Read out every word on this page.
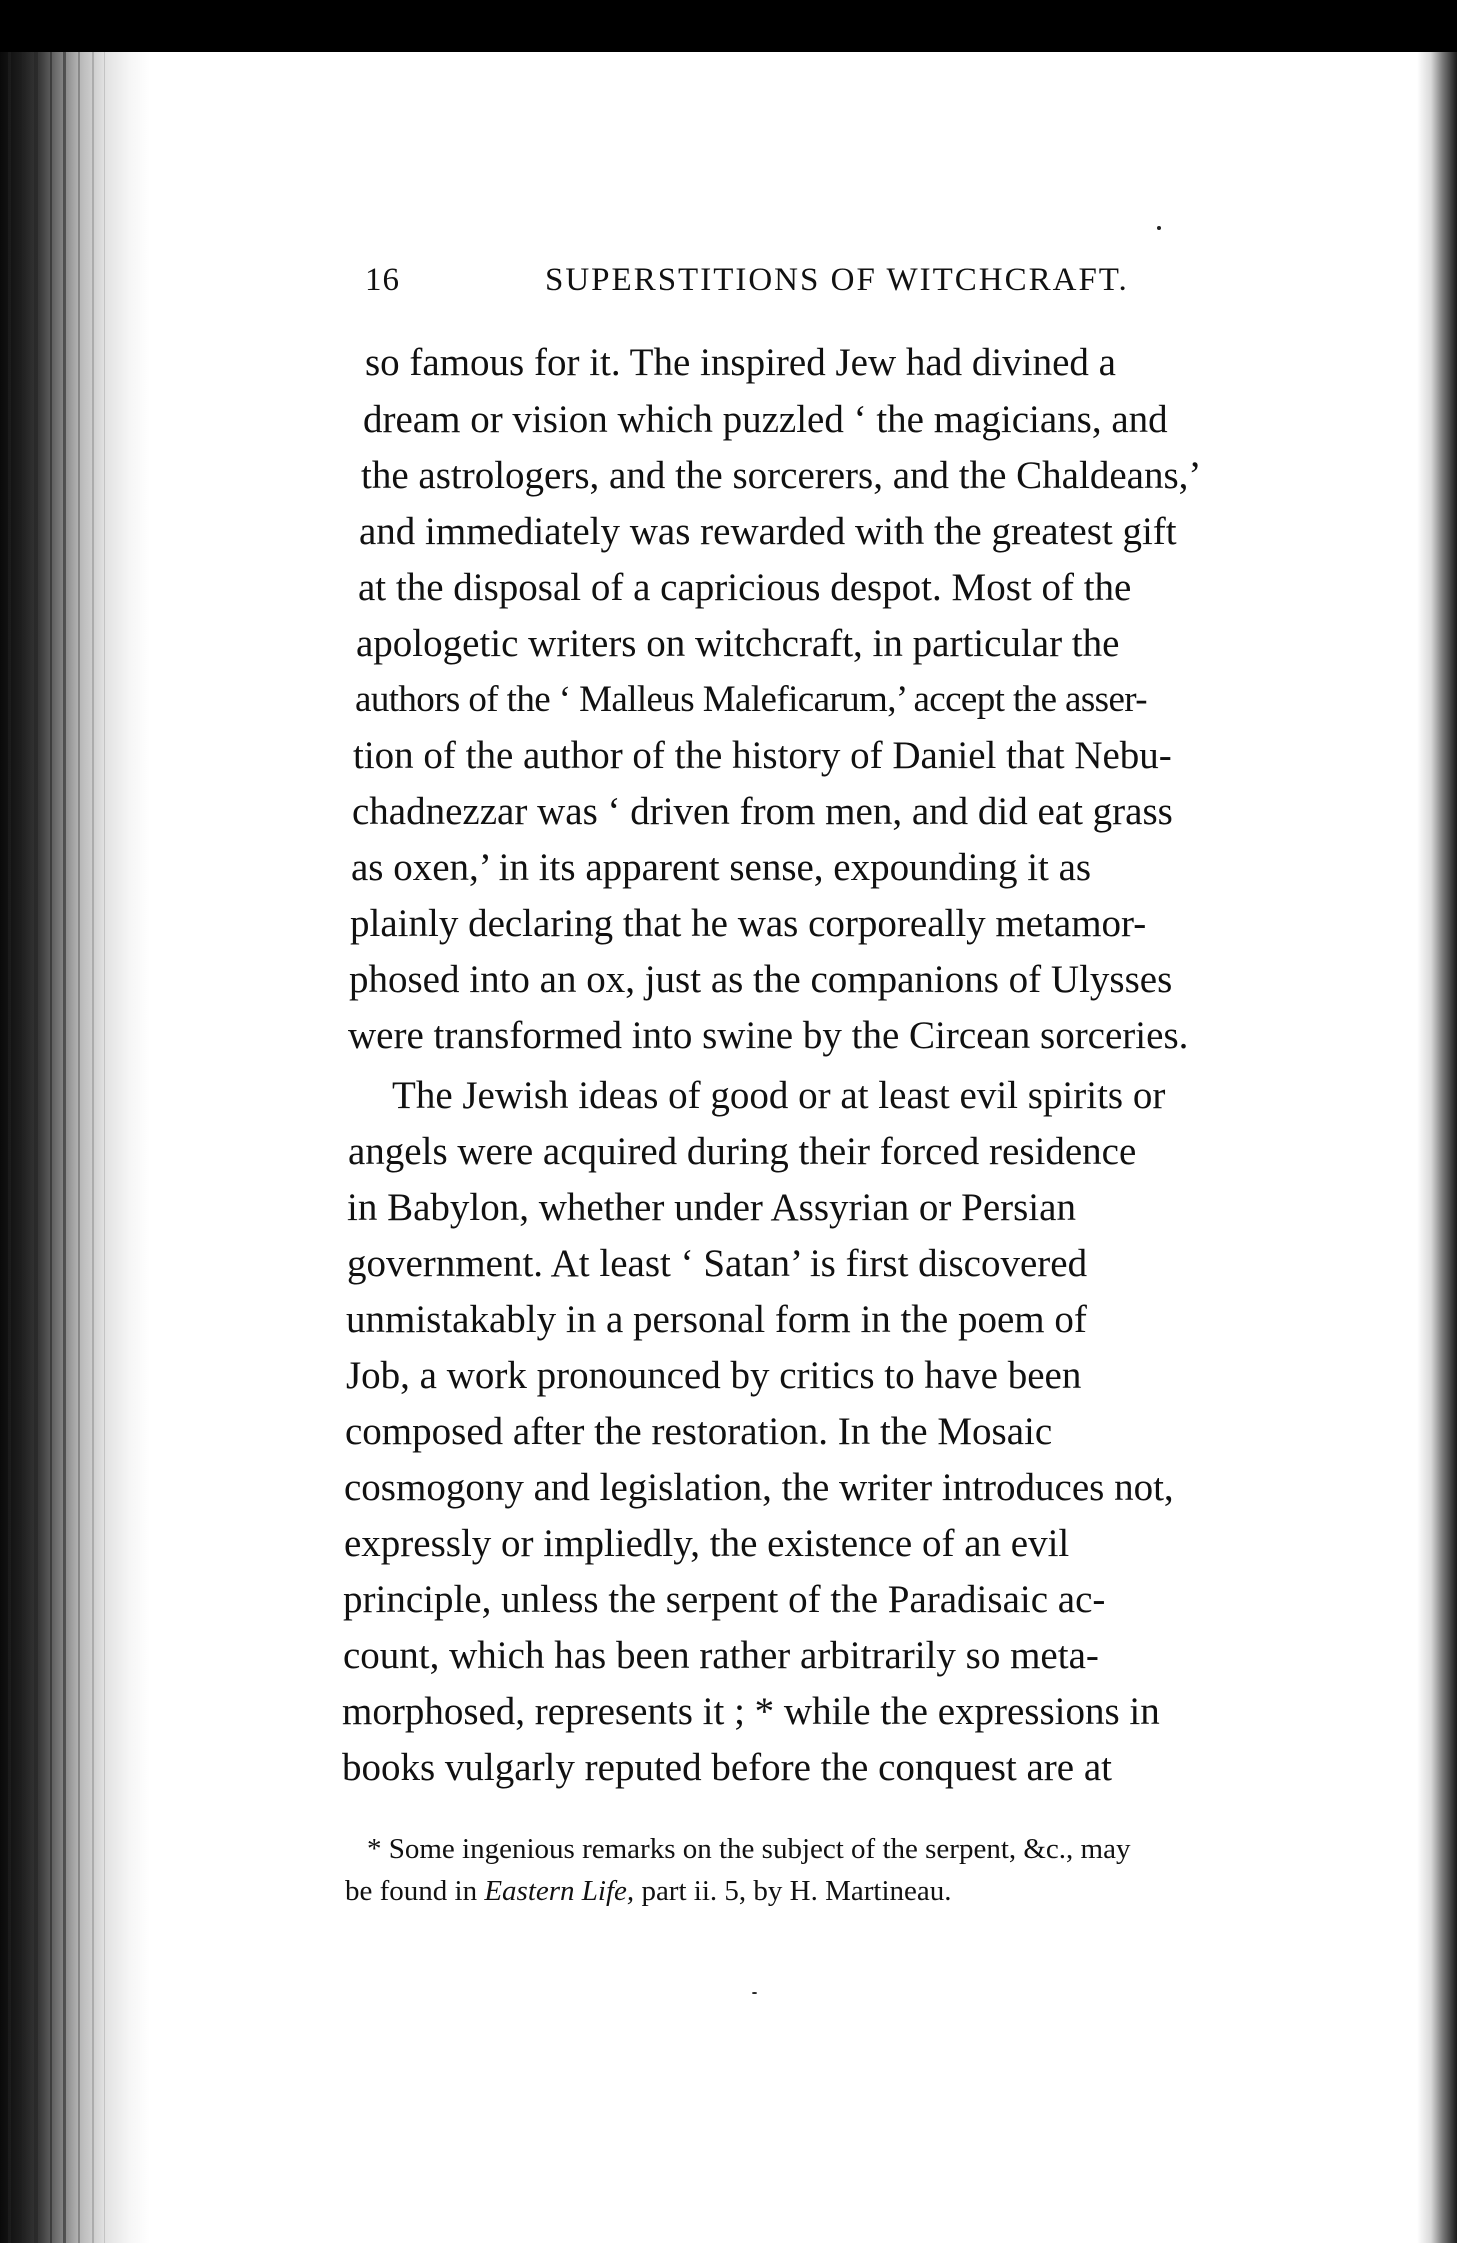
16	SUPERSTITIONS OF WITCHCRAFT.
so famous for it. The inspired Jew had divined a
dream or vision which puzzled ‘ the magicians, and
the astrologers, and the sorcerers, and the Chaldeans,’
and immediately was rewarded with the greatest gift
at the disposal of a capricious despot. Most of the
apologetic writers on witchcraft, in particular the
authors of the ‘ Malleus Maleficarum,’ accept the asser-
tion of the author of the history of Daniel that Nebu-
chadnezzar was ‘ driven from men, and did eat grass
as oxen,’ in its apparent sense, expounding it as
plainly declaring that he was corporeally metamor-
phosed into an ox, just as the companions of Ulysses
were transformed into swine by the Circean sorceries.
The Jewish ideas of good or at least evil spirits or
angels were acquired during their forced residence
in Babylon, whether under Assyrian or Persian
government. At least ‘ Satan’ is first discovered
unmistakably in a personal form in the poem of
Job, a work pronounced by critics to have been
composed after the restoration. In the Mosaic
cosmogony and legislation, the writer introduces not,
expressly or impliedly, the existence of an evil
principle, unless the serpent of the Paradisaic ac-
count, which has been rather arbitrarily so meta-
morphosed, represents it ; * while the expressions in
books vulgarly reputed before the conquest are at
* Some ingenious remarks on the subject of the serpent, &c., may
be found in Eastern Life, part ii. 5, by H. Martineau.
